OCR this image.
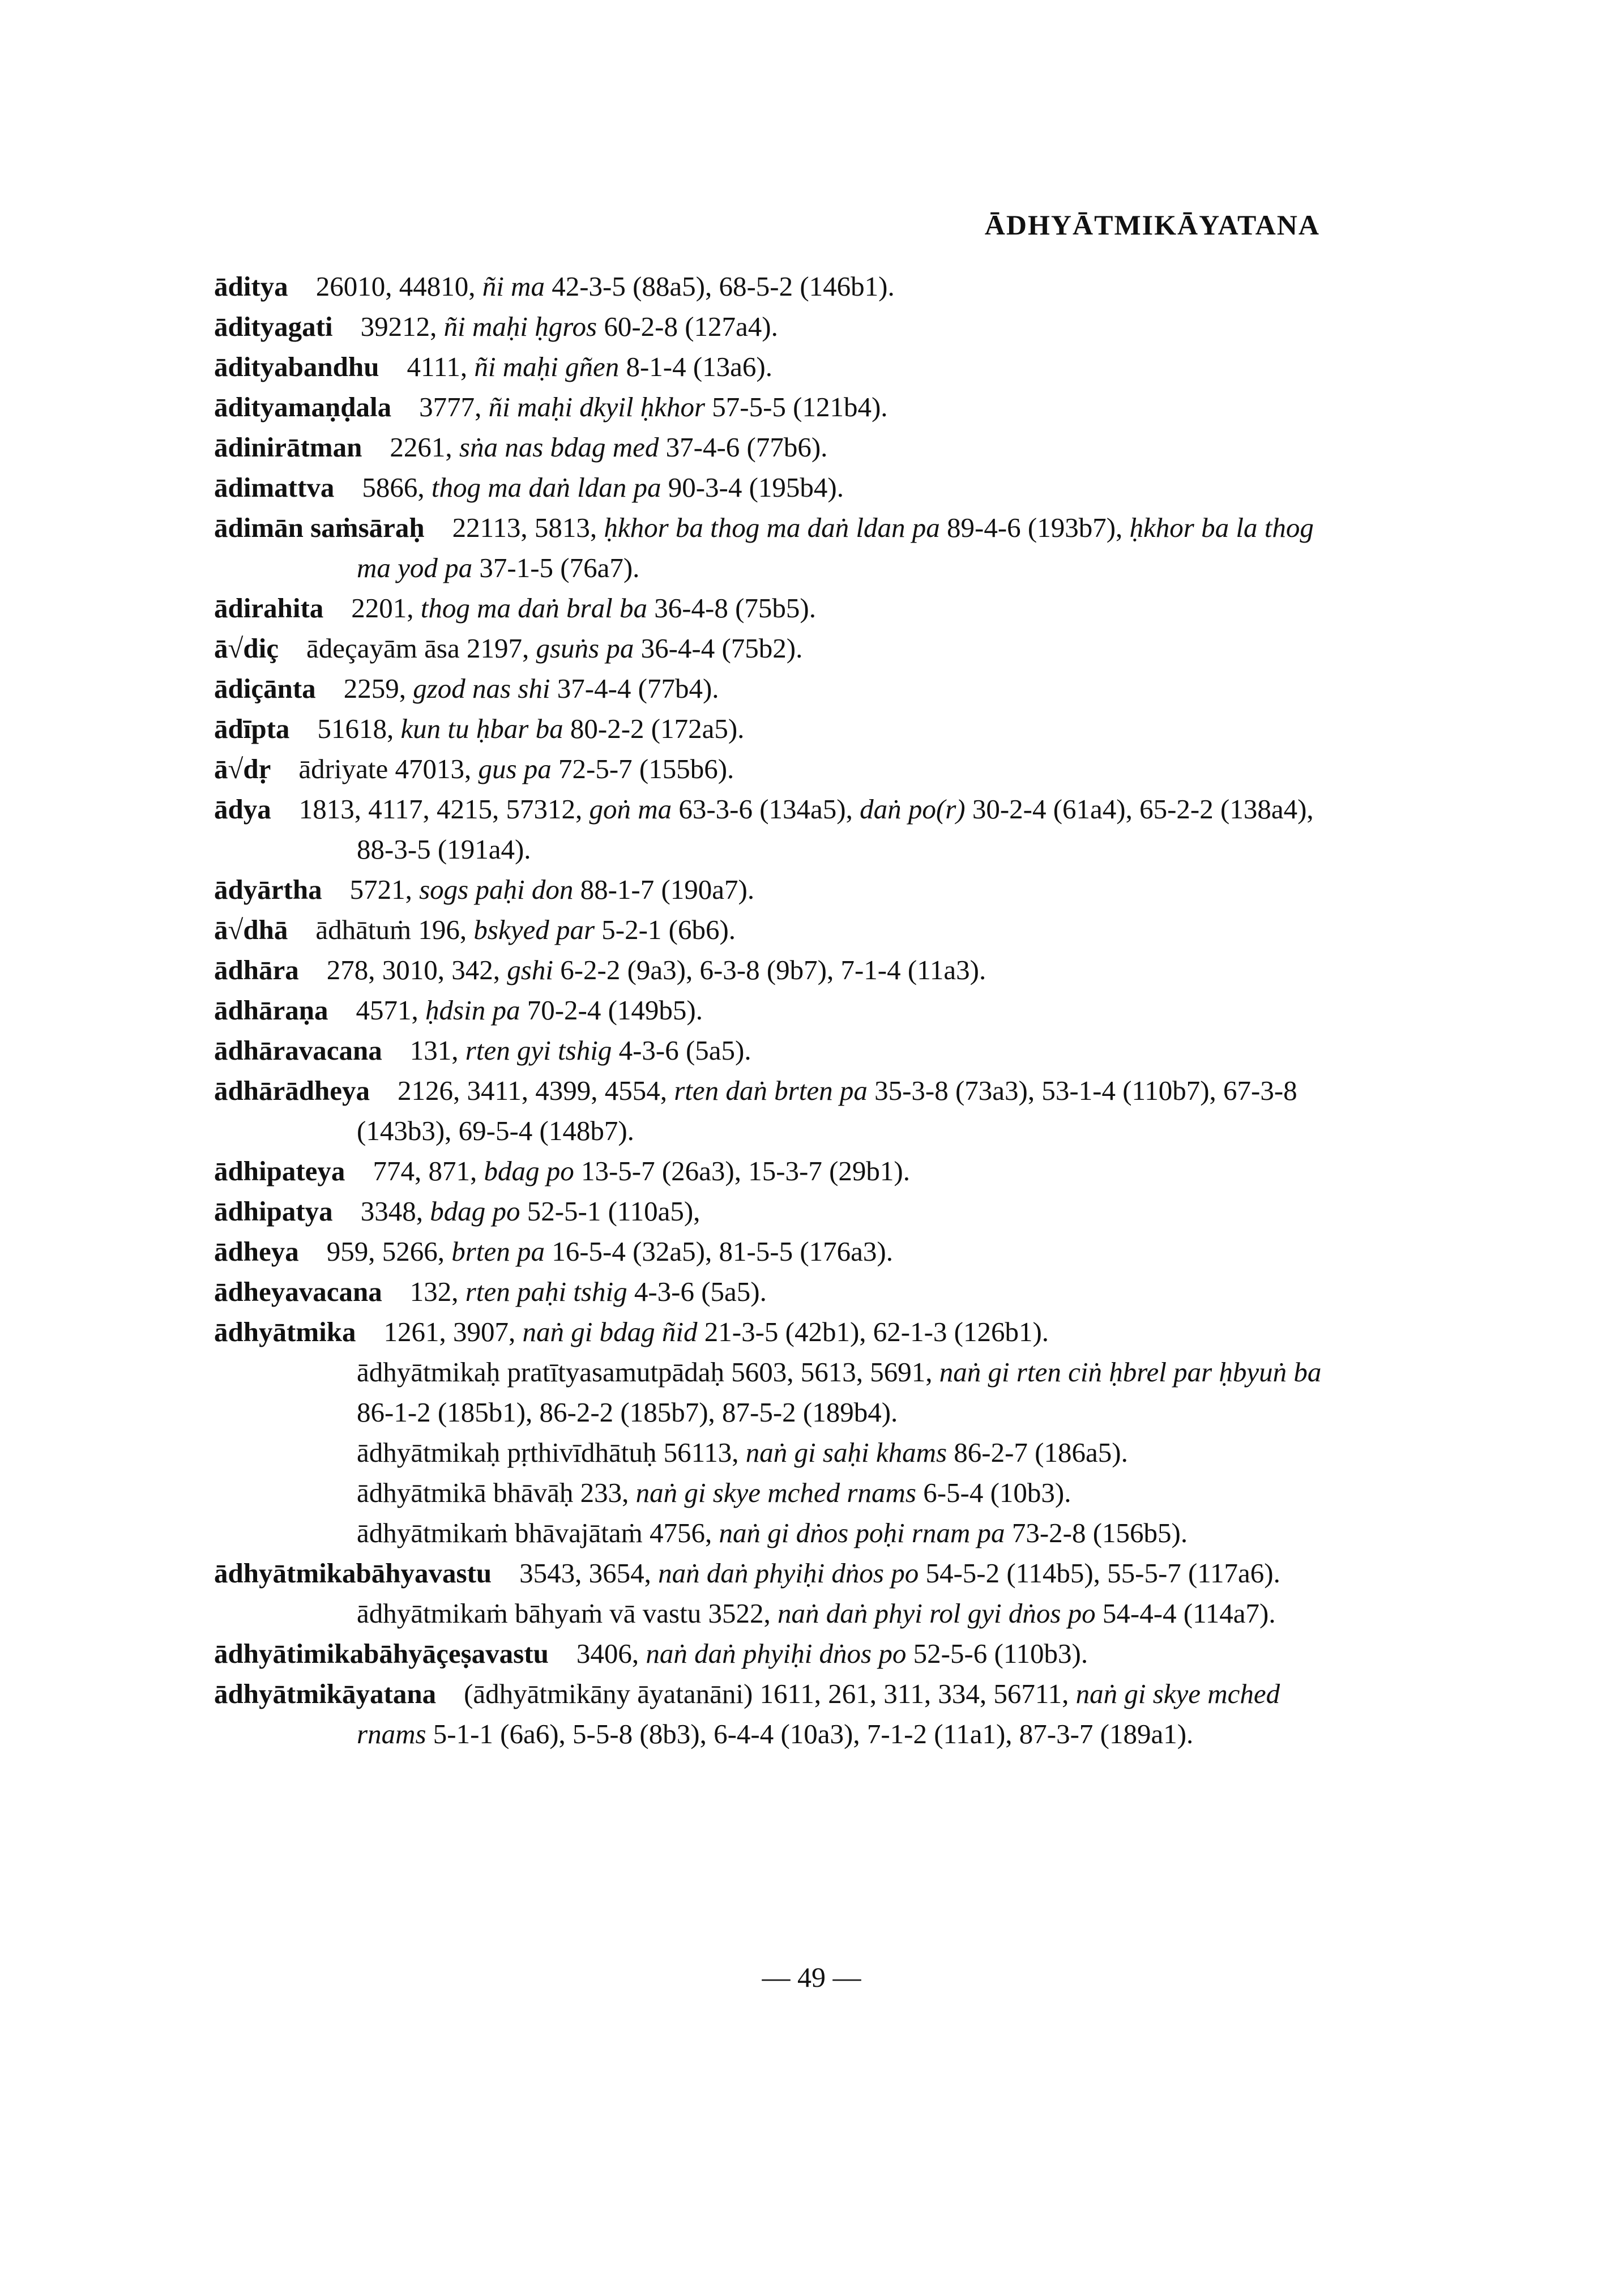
ĀDHYĀTMIKĀYATANA
āditya  26010, 44810, ñi ma 42-3-5 (88a5), 68-5-2 (146b1).
ādityagati  39212, ñi maḥi ḥgros 60-2-8 (127a4).
ādityabandhu  4111, ñi maḥi gñen 8-1-4 (13a6).
ādityamaṇḍala  3777, ñi maḥi dkyil ḥkhor 57-5-5 (121b4).
ādinirātman  2261, sṅa nas bdag med 37-4-6 (77b6).
ādimattva  5866, thog ma daṅ ldan pa 90-3-4 (195b4).
ādimān saṁsāraḥ  22113, 5813, ḥkhor ba thog ma daṅ ldan pa 89-4-6 (193b7), ḥkhor ba la thog ma yod pa 37-1-5 (76a7).
ādirahita  2201, thog ma daṅ bral ba 36-4-8 (75b5).
ā√diç  ādeçayām āsa 2197, gsuṅs pa 36-4-4 (75b2).
ādiçānta  2259, gzod nas shi 37-4-4 (77b4).
ādīpta  51618, kun tu ḥbar ba 80-2-2 (172a5).
ā√dṛ  ādriyate 47013, gus pa 72-5-7 (155b6).
ādya  1813, 4117, 4215, 57312, goṅ ma 63-3-6 (134a5), daṅ po(r) 30-2-4 (61a4), 65-2-2 (138a4), 88-3-5 (191a4).
ādyārtha  5721, sogs paḥi don 88-1-7 (190a7).
ā√dhā  ādhātuṁ 196, bskyed par 5-2-1 (6b6).
ādhāra  278, 3010, 342, gshi 6-2-2 (9a3), 6-3-8 (9b7), 7-1-4 (11a3).
ādhāraṇa  4571, ḥdsin pa 70-2-4 (149b5).
ādhāravacana  131, rten gyi tshig 4-3-6 (5a5).
ādhārādheya  2126, 3411, 4399, 4554, rten daṅ brten pa 35-3-8 (73a3), 53-1-4 (110b7), 67-3-8 (143b3), 69-5-4 (148b7).
ādhipateya  774, 871, bdag po 13-5-7 (26a3), 15-3-7 (29b1).
ādhipatya  3348, bdag po 52-5-1 (110a5),
ādheya  959, 5266, brten pa 16-5-4 (32a5), 81-5-5 (176a3).
ādheyavacana  132, rten paḥi tshig 4-3-6 (5a5).
ādhyātmika  1261, 3907, naṅ gi bdag ñid 21-3-5 (42b1), 62-1-3 (126b1).
ādhyātmikaḥ pratītyasamutpādaḥ 5603, 5613, 5691, naṅ gi rten ciṅ ḥbrel par ḥbyuṅ ba 86-1-2 (185b1), 86-2-2 (185b7), 87-5-2 (189b4).
ādhyātmikaḥ pṛthivīdhātuḥ 56113, naṅ gi saḥi khams 86-2-7 (186a5).
ādhyātmikā bhāvāḥ 233, naṅ gi skye mched rnams 6-5-4 (10b3).
ādhyātmikaṁ bhāvajātaṁ 4756, naṅ gi dṅos poḥi rnam pa 73-2-8 (156b5).
ādhyātmikabāhyavastu  3543, 3654, naṅ daṅ phyiḥi dṅos po 54-5-2 (114b5), 55-5-7 (117a6).
ādhyātmikaṁ bāhyaṁ vā vastu 3522, naṅ daṅ phyi rol gyi dṅos po 54-4-4 (114a7).
ādhyātimikabāhyāçeṣavastu  3406, naṅ daṅ phyiḥi dṅos po 52-5-6 (110b3).
ādhyātmikāyatana  (ādhyātmikāny āyatanāni) 1611, 261, 311, 334, 56711, naṅ gi skye mched rnams 5-1-1 (6a6), 5-5-8 (8b3), 6-4-4 (10a3), 7-1-2 (11a1), 87-3-7 (189a1).
— 49 —
